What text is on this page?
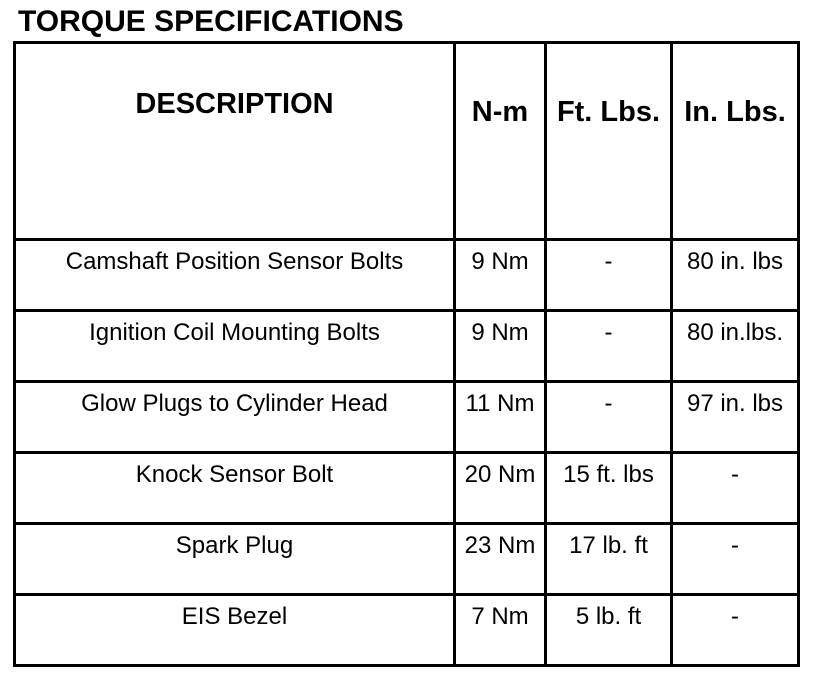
TORQUE SPECIFICATIONS
DESCRIPTION	N-m	Ft. Lbs.	In. Lbs.

Camshaft Position Sensor Bolts	9 Nm	-	80 in. lbs

Ignition Coil Mounting Bolts	9 Nm	-	80 in.lbs.

Glow Plugs to Cylinder Head	11 Nm	-	97 in. lbs

Knock Sensor Bolt	20 Nm	15 ft. lbs	-

Spark Plug	23 Nm	17 lb. ft	-

EIS Bezel	7 Nm	5 lb. ft	-
